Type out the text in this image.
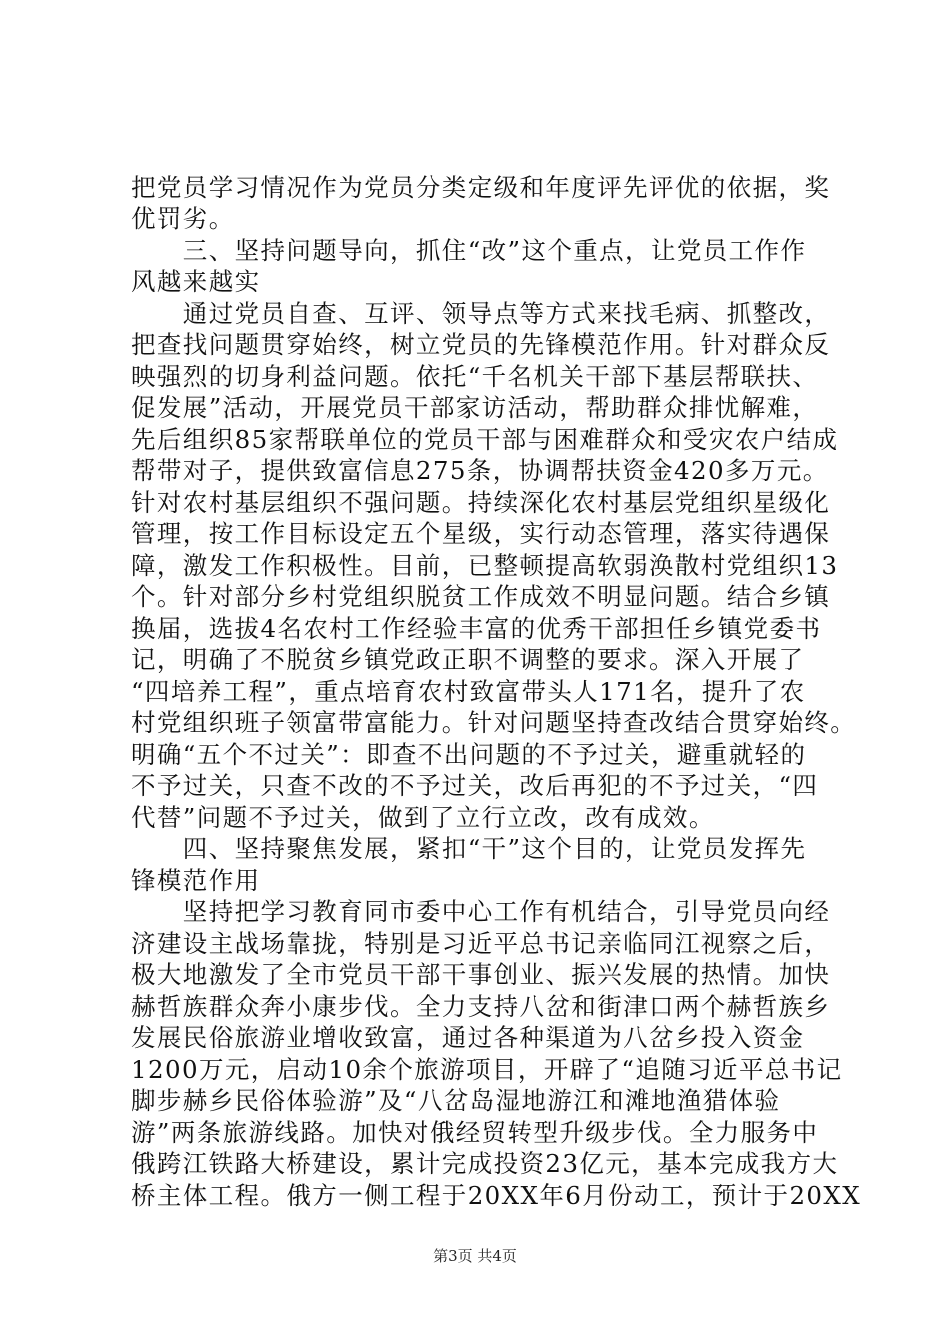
把党员学习情况作为党员分类定级和年度评先评优的依据，奖
优罚劣。
　　三、坚持问题导向，抓住“改”这个重点，让党员工作作
风越来越实
　　通过党员自查、互评、领导点等方式来找毛病、抓整改，
把查找问题贯穿始终，树立党员的先锋模范作用。针对群众反
映强烈的切身利益问题。依托“千名机关干部下基层帮联扶、
促发展”活动，开展党员干部家访活动，帮助群众排忧解难，
先后组织85家帮联单位的党员干部与困难群众和受灾农户结成
帮带对子，提供致富信息275条，协调帮扶资金420多万元。
针对农村基层组织不强问题。持续深化农村基层党组织星级化
管理，按工作目标设定五个星级，实行动态管理，落实待遇保
障，激发工作积极性。目前，已整顿提高软弱涣散村党组织13
个。针对部分乡村党组织脱贫工作成效不明显问题。结合乡镇
换届，选拔4名农村工作经验丰富的优秀干部担任乡镇党委书
记，明确了不脱贫乡镇党政正职不调整的要求。深入开展了
“四培养工程”，重点培育农村致富带头人171名，提升了农
村党组织班子领富带富能力。针对问题坚持查改结合贯穿始终。
明确“五个不过关”：即查不出问题的不予过关，避重就轻的
不予过关，只查不改的不予过关，改后再犯的不予过关，“四
代替”问题不予过关，做到了立行立改，改有成效。
　　四、坚持聚焦发展，紧扣“干”这个目的，让党员发挥先
锋模范作用
　　坚持把学习教育同市委中心工作有机结合，引导党员向经
济建设主战场靠拢，特别是习近平总书记亲临同江视察之后，
极大地激发了全市党员干部干事创业、振兴发展的热情。加快
赫哲族群众奔小康步伐。全力支持八岔和街津口两个赫哲族乡
发展民俗旅游业增收致富，通过各种渠道为八岔乡投入资金
1200万元，启动10余个旅游项目，开辟了“追随习近平总书记
脚步赫乡民俗体验游”及“八岔岛湿地游江和滩地渔猎体验
游”两条旅游线路。加快对俄经贸转型升级步伐。全力服务中
俄跨江铁路大桥建设，累计完成投资23亿元，基本完成我方大
桥主体工程。俄方一侧工程于20XX年6月份动工，预计于20XX
第3页 共4页
